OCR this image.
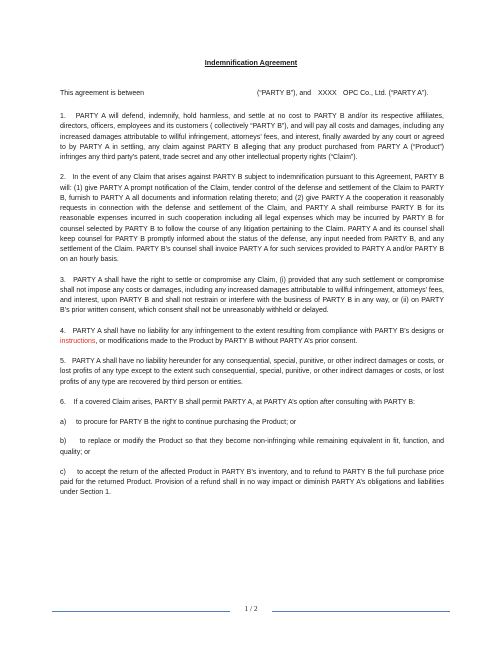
Indemnification Agreement
This agreement is between	(“PARTY B”), and XXXX OPC Co., Ltd. (“PARTY A”).

1.   PARTY A will defend, indemnify, hold harmless, and settle at no cost to PARTY B and/or its respective affiliates, directors, officers, employees and its customers ( collectively “PARTY B”), and will pay all costs and damages, including any increased damages attributable to willful infringement, attorneys’ fees, and interest, finally awarded by any court or agreed to by PARTY A in settling, any claim against PARTY B alleging that any product purchased from PARTY A (“Product”) infringes any third party’s patent, trade secret and any other intellectual property rights (“Claim”).

2.   In the event of any Claim that arises against PARTY B subject to indemnification pursuant to this Agreement, PARTY B will: (1) give PARTY A prompt notification of the Claim, tender control of the defense and settlement of the Claim to PARTY B, furnish to PARTY A all documents and information relating thereto; and (2) give PARTY A the cooperation it reasonably requests in connection with the defense and settlement of the Claim, and PARTY A shall reimburse PARTY B for its reasonable expenses incurred in such cooperation including all legal expenses which may be incurred by PARTY B for counsel selected by PARTY B to follow the course of any litigation pertaining to the Claim. PARTY A and its counsel shall keep counsel for PARTY B promptly informed about the status of the defense, any input needed from PARTY B, and any settlement of the Claim. PARTY B’s counsel shall invoice PARTY A for such services provided to PARTY A and/or PARTY B on an hourly basis.

3.   PARTY A shall have the right to settle or compromise any Claim, (i) provided that any such settlement or compromise shall not impose any costs or damages, including any increased damages attributable to willful infringement, attorneys’ fees, and interest, upon PARTY B and shall not restrain or interfere with the business of PARTY B in any way, or (ii) on PARTY B’s prior written consent, which consent shall not be unreasonably withheld or delayed.

4.   PARTY A shall have no liability for any infringement to the extent resulting from compliance with PARTY B’s designs or instructions, or modifications made to the Product by PARTY B without PARTY A’s prior consent.

5.   PARTY A shall have no liability hereunder for any consequential, special, punitive, or other indirect damages or costs, or lost profits of any type except to the extent such consequential, special, punitive, or other indirect damages or costs, or lost profits of any type are recovered by third person or entities.

6.    If a covered Claim arises, PARTY B shall permit PARTY A, at PARTY A’s option after consulting with PARTY B:

a)     to procure for PARTY B the right to continue purchasing the Product; or

b)     to replace or modify the Product so that they become non-infringing while remaining equivalent in fit, function, and quality; or

c)     to accept the return of the affected Product in PARTY B’s inventory, and to refund to PARTY B the full purchase price paid for the returned Product. Provision of a refund shall in no way impact or diminish PARTY A’s obligations and liabilities under Section 1.

1 / 2
